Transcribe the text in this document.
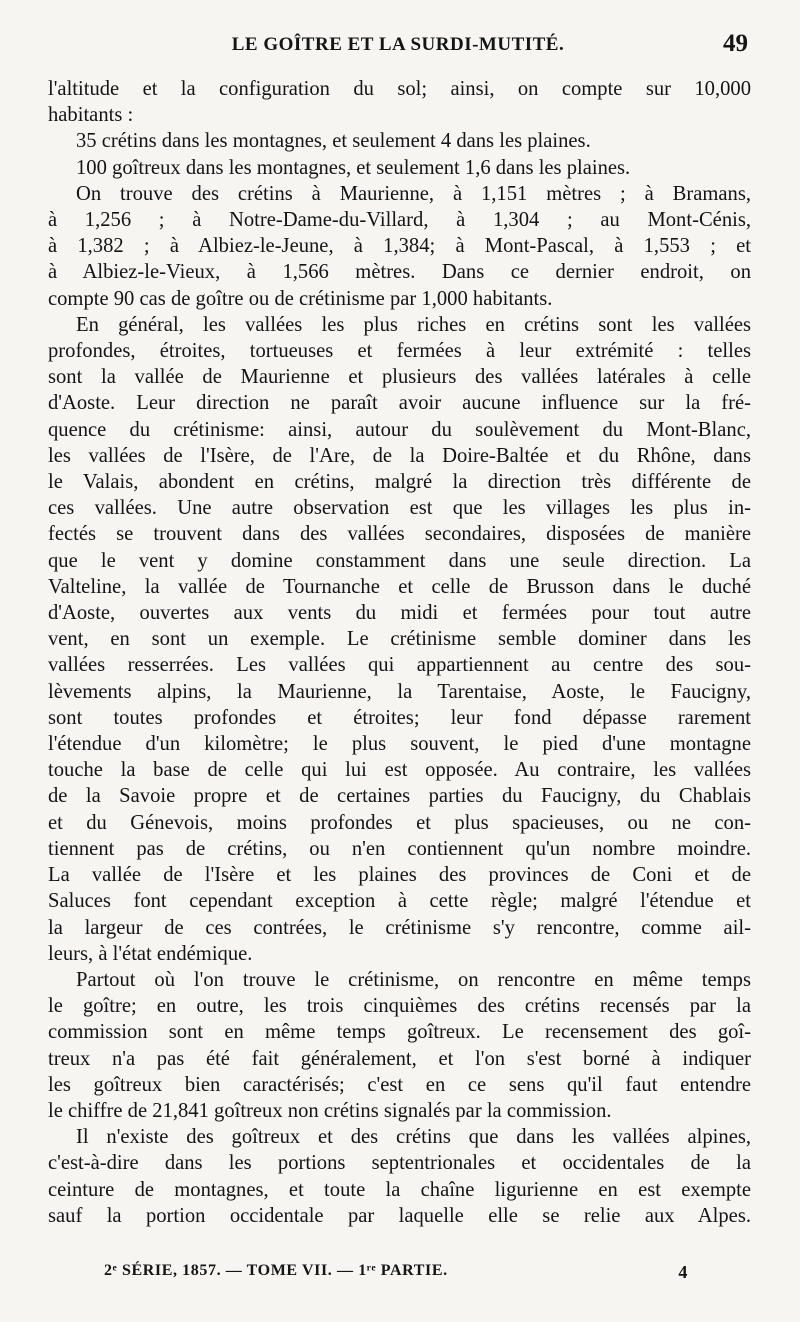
LE GOÎTRE ET LA SURDI-MUTITÉ.	49
l'altitude et la configuration du sol; ainsi, on compte sur 10,000
habitants :
35 crétins dans les montagnes, et seulement 4 dans les plaines.
100 goîtreux dans les montagnes, et seulement 1,6 dans les plaines.
On trouve des crétins à Maurienne, à 1,151 mètres ; à Bramans,
à 1,256 ; à Notre-Dame-du-Villard, à 1,304 ; au Mont-Cénis,
à 1,382 ; à Albiez-le-Jeune, à 1,384; à Mont-Pascal, à 1,553 ; et
à Albiez-le-Vieux, à 1,566 mètres. Dans ce dernier endroit, on
compte 90 cas de goître ou de crétinisme par 1,000 habitants.
En général, les vallées les plus riches en crétins sont les vallées
profondes, étroites, tortueuses et fermées à leur extrémité : telles
sont la vallée de Maurienne et plusieurs des vallées latérales à celle
d'Aoste. Leur direction ne paraît avoir aucune influence sur la fré-
quence du crétinisme: ainsi, autour du soulèvement du Mont-Blanc,
les vallées de l'Isère, de l'Are, de la Doire-Baltée et du Rhône, dans
le Valais, abondent en crétins, malgré la direction très différente de
ces vallées. Une autre observation est que les villages les plus in-
fectés se trouvent dans des vallées secondaires, disposées de manière
que le vent y domine constamment dans une seule direction. La
Valteline, la vallée de Tournanche et celle de Brusson dans le duché
d'Aoste, ouvertes aux vents du midi et fermées pour tout autre
vent, en sont un exemple. Le crétinisme semble dominer dans les
vallées resserrées. Les vallées qui appartiennent au centre des sou-
lèvements alpins, la Maurienne, la Tarentaise, Aoste, le Faucigny,
sont toutes profondes et étroites; leur fond dépasse rarement
l'étendue d'un kilomètre; le plus souvent, le pied d'une montagne
touche la base de celle qui lui est opposée. Au contraire, les vallées
de la Savoie propre et de certaines parties du Faucigny, du Chablais
et du Génevois, moins profondes et plus spacieuses, ou ne con-
tiennent pas de crétins, ou n'en contiennent qu'un nombre moindre.
La vallée de l'Isère et les plaines des provinces de Coni et de
Saluces font cependant exception à cette règle; malgré l'étendue et
la largeur de ces contrées, le crétinisme s'y rencontre, comme ail-
leurs, à l'état endémique.
Partout où l'on trouve le crétinisme, on rencontre en même temps
le goître; en outre, les trois cinquièmes des crétins recensés par la
commission sont en même temps goîtreux. Le recensement des goî-
treux n'a pas été fait généralement, et l'on s'est borné à indiquer
les goîtreux bien caractérisés; c'est en ce sens qu'il faut entendre
le chiffre de 21,841 goîtreux non crétins signalés par la commission.
Il n'existe des goîtreux et des crétins que dans les vallées alpines,
c'est-à-dire dans les portions septentrionales et occidentales de la
ceinture de montagnes, et toute la chaîne ligurienne en est exempte
sauf la portion occidentale par laquelle elle se relie aux Alpes.
2ᵉ SÉRIE, 1857. — TOME VII. — 1ʳᵉ PARTIE.	4
